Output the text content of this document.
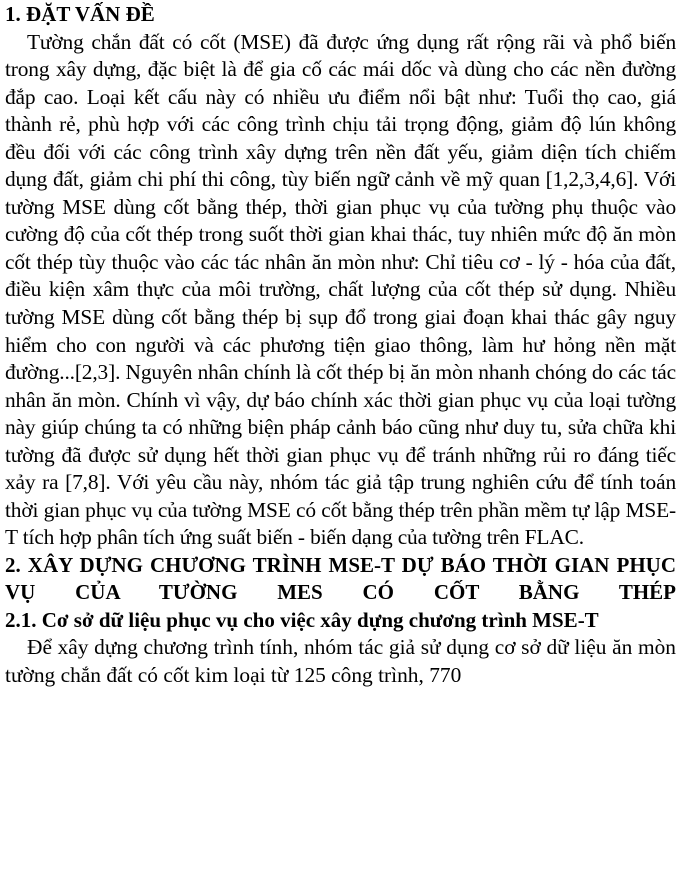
1. ĐẶT VẤN ĐỀ

Tường chắn đất có cốt (MSE) đã được ứng dụng rất rộng rãi và phổ biến trong xây dựng, đặc biệt là để gia cố các mái dốc và dùng cho các nền đường đắp cao. Loại kết cấu này có nhiều ưu điểm nổi bật như: Tuổi thọ cao, giá thành rẻ, phù hợp với các công trình chịu tải trọng động, giảm độ lún không đều đối với các công trình xây dựng trên nền đất yếu, giảm diện tích chiếm dụng đất, giảm chi phí thi công, tùy biến ngữ cảnh về mỹ quan [1,2,3,4,6]. Với tường MSE dùng cốt bằng thép, thời gian phục vụ của tường phụ thuộc vào cường độ của cốt thép trong suốt thời gian khai thác, tuy nhiên mức độ ăn mòn cốt thép tùy thuộc vào các tác nhân ăn mòn như: Chỉ tiêu cơ - lý - hóa của đất, điều kiện xâm thực của môi trường, chất lượng của cốt thép sử dụng. Nhiều tường MSE dùng cốt bằng thép bị sụp đổ trong giai đoạn khai thác gây nguy hiểm cho con người và các phương tiện giao thông, làm hư hỏng nền mặt đường...[2,3]. Nguyên nhân chính là cốt thép bị ăn mòn nhanh chóng do các tác nhân ăn mòn. Chính vì vậy, dự báo chính xác thời gian phục vụ của loại tường này giúp chúng ta có những biện pháp cảnh báo cũng như duy tu, sửa chữa khi tường đã được sử dụng hết thời gian phục vụ để tránh những rủi ro đáng tiếc xảy ra [7,8]. Với yêu cầu này, nhóm tác giả tập trung nghiên cứu để tính toán thời gian phục vụ của tường MSE có cốt bằng thép trên phần mềm tự lập MSE-T tích hợp phân tích ứng suất biến - biến dạng của tường trên FLAC.

2. XÂY DỰNG CHƯƠNG TRÌNH MSE-T DỰ BÁO THỜI GIAN PHỤC VỤ CỦA TƯỜNG MES CÓ CỐT BẰNG THÉP
2.1. Cơ sở dữ liệu phục vụ cho việc xây dựng chương trình MSE-T

Để xây dựng chương trình tính, nhóm tác giả sử dụng cơ sở dữ liệu ăn mòn tường chắn đất có cốt kim loại từ 125 công trình, 770
